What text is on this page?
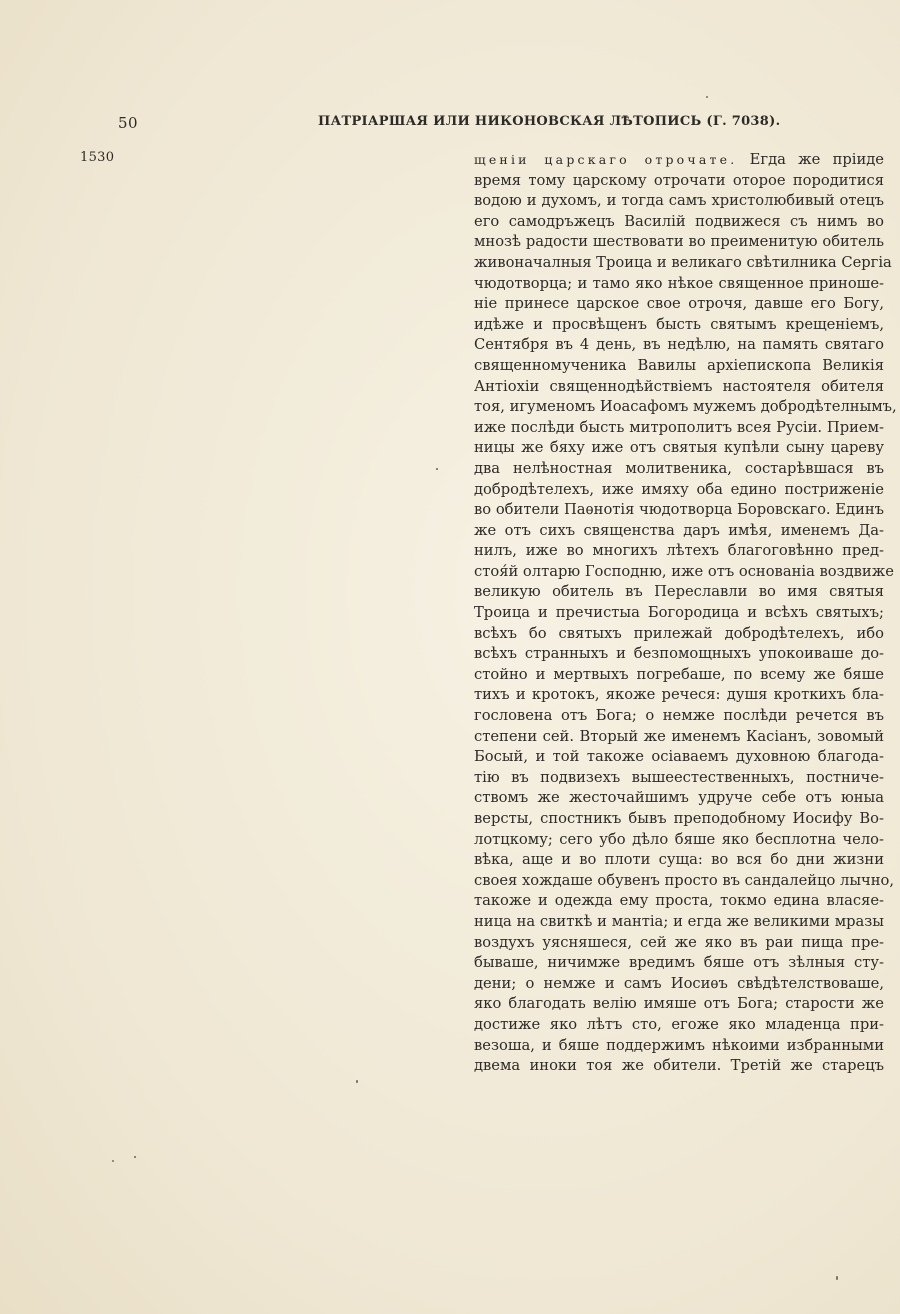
50	ПАТРІАРШАЯ ИЛИ НИКОНОВСКАЯ ЛѢТОПИСЬ (Г. 7038).
1530	щеніи царскаго отрочате. Егда же пріиде
время тому царскому отрочати оторое породитися
водою и духомъ, и тогда самъ христолюбивый отецъ
его самодръжецъ Василій подвижеся съ нимъ во
мнозѣ радости шествовати во преименитую обитель
живоначалныя Троица и великаго свѣтилника Сергіа
чюдотворца; и тамо яко нѣкое священное приноше-
ніе принесе царское свое отрочя, давше его Богу,
идѣже и просвѣщенъ бысть святымъ крещеніемъ,
Сентября въ 4 день, въ недѣлю, на память святаго
священномученика Вавилы архіепископа Великія
Антіохіи священнодѣйствіемъ настоятеля обителя
тоя, игуменомъ Иоасафомъ мужемъ добродѣтелнымъ,
иже послѣди бысть митрополитъ всея Русіи. Прием-
ницы же бяху иже отъ святыя купѣли сыну цареву
два нелѣностная молитвеника, состарѣвшася въ
добродѣтелехъ, иже имяху оба едино постриженіе
во обители Паѳнотія чюдотворца Боровскаго. Единъ
же отъ сихъ священства даръ имѣя, именемъ Да-
нилъ, иже во многихъ лѣтехъ благоговѣнно пред-
стоя́й олтарю Господню, иже отъ основаніа воздвиже
великую обитель въ Переславли во имя святыя
Троица и пречистыа Богородица и всѣхъ святыхъ;
всѣхъ бо святыхъ прилежай добродѣтелехъ, ибо
всѣхъ странныхъ и безпомощныхъ упокоиваше до-
стойно и мертвыхъ погребаше, по всему же бяше
тихъ и кротокъ, якоже речеся: душя кроткихъ бла-
гословена отъ Бога; о немже послѣди речется въ
степени сей. Вторый же именемъ Касіанъ, зовомый
Босый, и той такоже осіаваемъ духовною благода-
тію въ подвизехъ вышеестественныхъ, постниче-
ствомъ же жесточайшимъ удруче себе отъ юныа
версты, спостникъ бывъ преподобному Иосифу Во-
лотцкому; сего убо дѣло бяше яко бесплотна чело-
вѣка, аще и во плоти суща: во вся бо дни жизни
своея хождаше обувенъ просто въ сандалейцо лычно,
такоже и одежда ему проста, токмо едина власяе-
ница на свиткѣ и мантіа; и егда же великими мразы
воздухъ уясняшеся, сей же яко въ раи пища пре-
бываше, ничимже вредимъ бяше отъ зѣлныя сту-
дени; о немже и самъ Иосиѳъ свѣдѣтелствоваше,
яко благодать велію имяше отъ Бога; старости же
достиже яко лѣтъ сто, егоже яко младенца при-
везоша, и бяше поддержимъ нѣкоими избранными
двема иноки тоя же обители. Третій же старецъ
